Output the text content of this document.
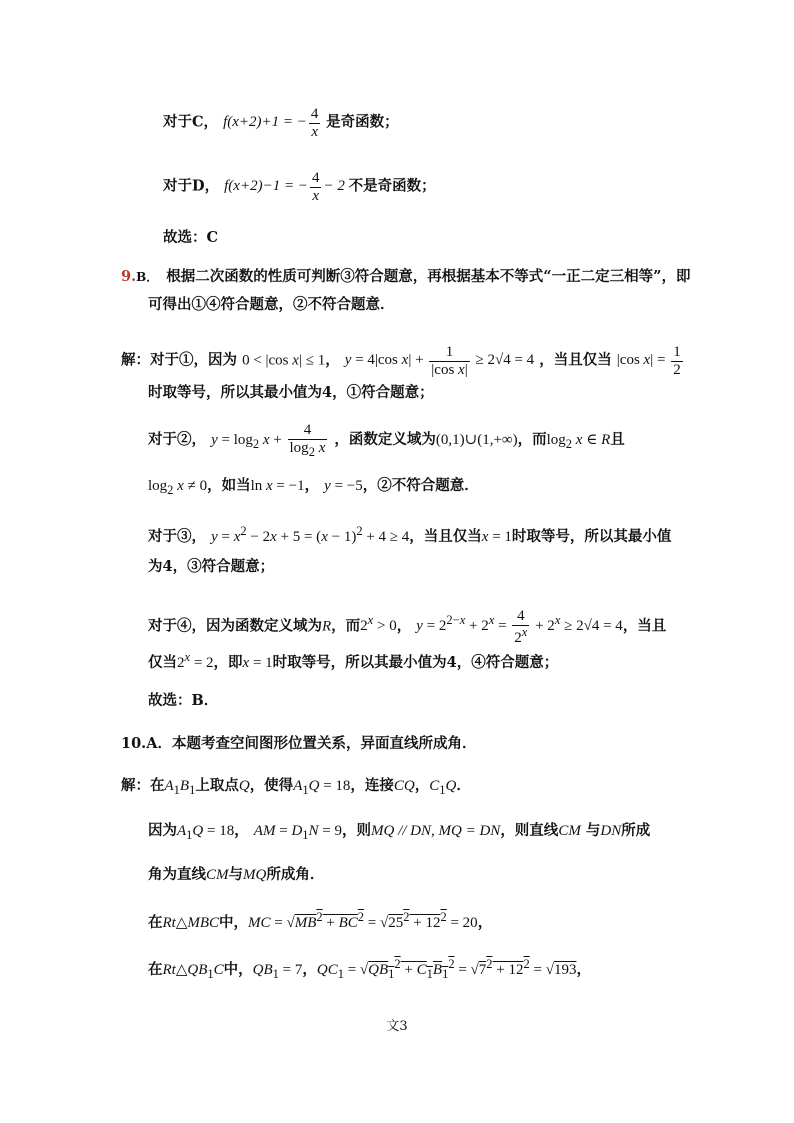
对于C， f(x+2)+1 = − $\frac{4}{x}$ 是奇函数；
对于D， f(x+2)−1 = − $\frac{4}{x} - 2$ 不是奇函数；
故选：C
9.B． 根据二次函数的性质可判断③符合题意，再根据基本不等式“一正二定三相等”，即
可得出①④符合题意，②不符合题意．
解：对于①，因为 0 < |cos x| ≤ 1， y = 4|cos $x| + \frac{1}{\text{|cos x|}} \ge 2√4 = 4$ ，当且仅当 |cos $x| = \frac{1}{2}$
时取等号，所以其最小值为4，①符合题意；
对于②， $y = \log_2 x + \frac{4}{\log_2 x}$ ，函数定义域为(0,1)∪(1,+∞)，而$\log_2 x$ ∈ R且
$\log_2 x \ne 0$，如当ln x = −1， y = −5，②不符合题意．
对于③， $y = x^2 - 2x + 5 = (x - 1)^2 + 4 \ge 4$，当且仅当x = 1时取等号，所以其最小值
为4，③符合题意；
对于④，因为函数定义域为R，而$2^x > 0$， $y = 2^{2-x} + 2^x = \frac{4}{2^x} + 2^x \ge 2√4 = 4$，当且
仅当$2^x = 2$，即x = 1时取等号，所以其最小值为4，④符合题意；
故选：B．
10.A．本题考查空间图形位置关系，异面直线所成角．
解：在$A_1B_1$上取点Q，使得$A_1Q = 18$，连接CQ，$C_1Q$．
因为$A_1Q = 18$， AM = $D_1N = 9$，则MQ // DN, MQ = DN，则直线CM 与DN所成
角为直线CM与MQ所成角．
在Rt△MBC中，MC = $√MB^2 + BC^2 = √25^2 + 12^2 = 20$，
在$Rt\triangle QB_1C$中，$QB_1 = 7$，$QC_1 = √QB_1^2 + C_1B_1^2 = √7^2 + 12^2 = √193$，
文3
